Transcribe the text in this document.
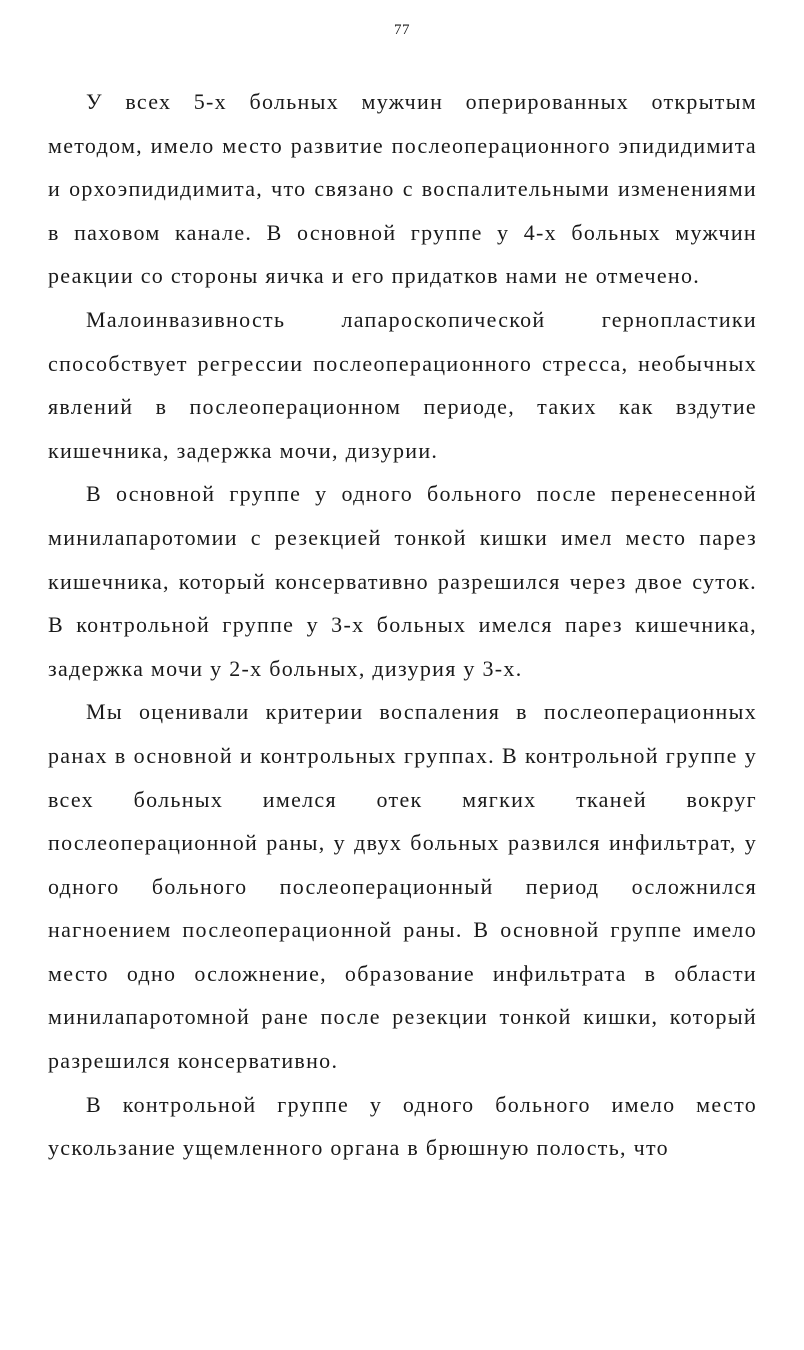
77

У всех 5-х больных мужчин оперированных открытым методом, имело место развитие послеоперационного эпидидимита и орхоэпидидимита, что связано с воспалительными изменениями в паховом канале. В основной группе у 4-х больных мужчин реакции со стороны яичка и его придатков нами не отмечено.

Малоинвазивность лапароскопической гернопластики способствует регрессии послеоперационного стресса, необычных явлений в послеоперационном периоде, таких как вздутие кишечника, задержка мочи, дизурии.

В основной группе у одного больного после перенесенной минилапаротомии с резекцией тонкой кишки имел место парез кишечника, который консервативно разрешился через двое суток. В контрольной группе у 3-х больных имелся парез кишечника, задержка мочи у 2-х больных, дизурия у 3-х.

Мы оценивали критерии воспаления в послеоперационных ранах в основной и контрольных группах. В контрольной группе у всех больных имелся отек мягких тканей вокруг послеоперационной раны, у двух больных развился инфильтрат, у одного больного послеоперационный период осложнился нагноением послеоперационной раны. В основной группе имело место одно осложнение, образование инфильтрата в области минилапаротомной ране после резекции тонкой кишки, который разрешился консервативно.

В контрольной группе у одного больного имело место ускользание ущемленного органа в брюшную полость, что
